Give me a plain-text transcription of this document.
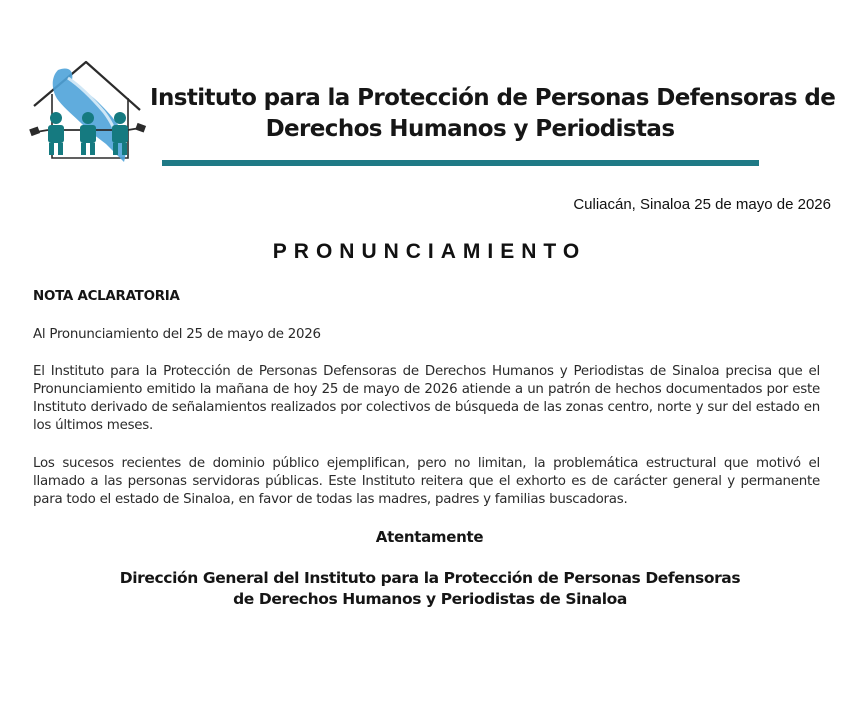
Instituto para la Protección de Personas Defensoras de
Derechos Humanos y Periodistas
Culiacán, Sinaloa 25 de mayo de 2026
PRONUNCIAMIENTO
NOTA ACLARATORIA
Al Pronunciamiento del 25 de mayo de 2026
El Instituto para la Protección de Personas Defensoras de Derechos Humanos y Periodistas de Sinaloa precisa que el Pronunciamiento emitido la mañana de hoy 25 de mayo de 2026 atiende a un patrón de hechos documentados por este Instituto derivado de señalamientos realizados por colectivos de búsqueda de las zonas centro, norte y sur del estado en los últimos meses.
Los sucesos recientes de dominio público ejemplifican, pero no limitan, la problemática estructural que motivó el llamado a las personas servidoras públicas. Este Instituto reitera que el exhorto es de carácter general y permanente para todo el estado de Sinaloa, en favor de todas las madres, padres y familias buscadoras.
Atentamente
Dirección General del Instituto para la Protección de Personas Defensoras
de Derechos Humanos y Periodistas de Sinaloa
